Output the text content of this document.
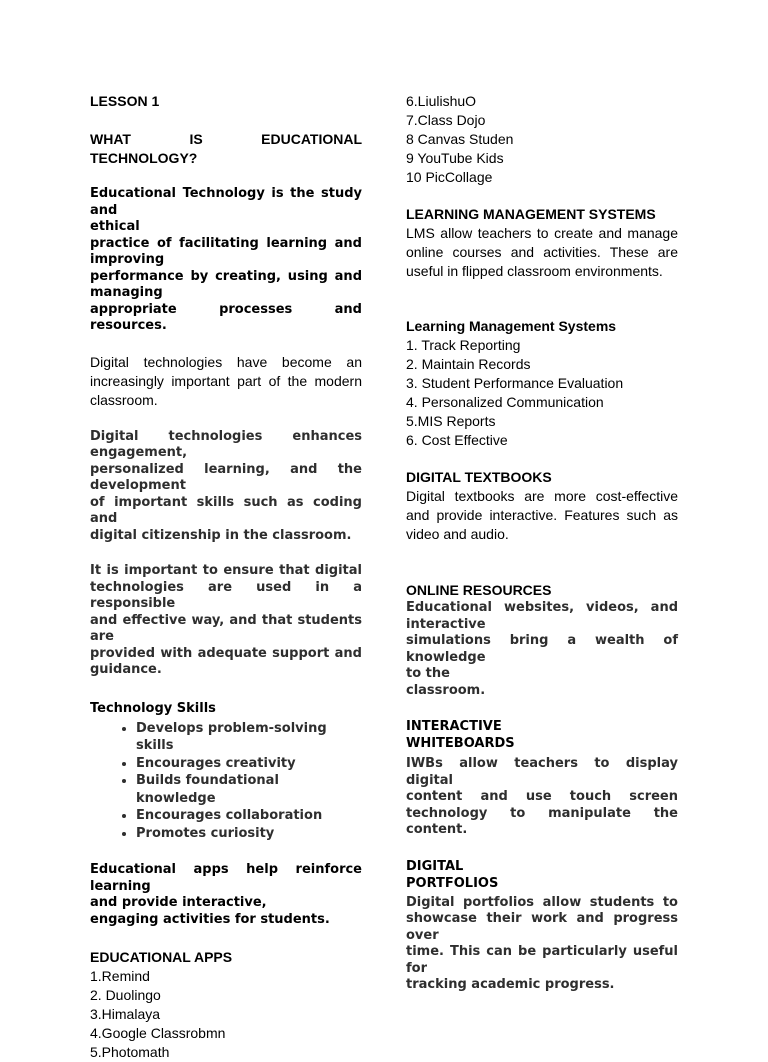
LESSON 1

WHAT	IS	EDUCATIONAL

TECHNOLOGY?

Educational Technology is the study and
ethical
practice of facilitating learning and
improving
performance by creating, using and
managing
appropriate processes and resources.

Digital technologies have become an increasingly important part of the modern classroom.

Digital technologies enhances
engagement,
personalized learning, and the
development
of important skills such as coding and
digital citizenship in the classroom.
It is important to ensure that digital
technologies are used in a responsible
and effective way, and that students are
provided with adequate support and
guidance.

Technology Skills

• Develops problem-solving skills
• Encourages creativity
• Builds foundational knowledge
• Encourages collaboration
• Promotes curiosity
Educational apps help reinforce learning
and provide interactive,
engaging activities for students.

EDUCATIONAL APPS

1.Remind
2. Duolingo
3.Himalaya
4.Google Classrobmn
5.Photomath
6.LiulishuO
7.Class Dojo
8 Canvas Studen
9 YouTube Kids
10 PicCollage

LEARNING MANAGEMENT SYSTEMS

LMS allow teachers to create and manage online courses and activities. These are useful in flipped classroom environments.

Learning Management Systems

1. Track Reporting
2. Maintain Records
3. Student Performance Evaluation
4. Personalized Communication
5.MIS Reports
6. Cost Effective

DIGITAL TEXTBOOKS

Digital textbooks are more cost-effective and provide interactive. Features such as video and audio.

ONLINE RESOURCES

Educational websites, videos, and
interactive
simulations bring a wealth of knowledge
to the
classroom.
INTERACTIVE
WHITEBOARDS
IWBs allow teachers to display digital
content and use touch screen
technology to manipulate the content.
DIGITAL
PORTFOLIOS
Digital portfolios allow students to
showcase their work and progress over
time. This can be particularly useful for
tracking academic progress.
